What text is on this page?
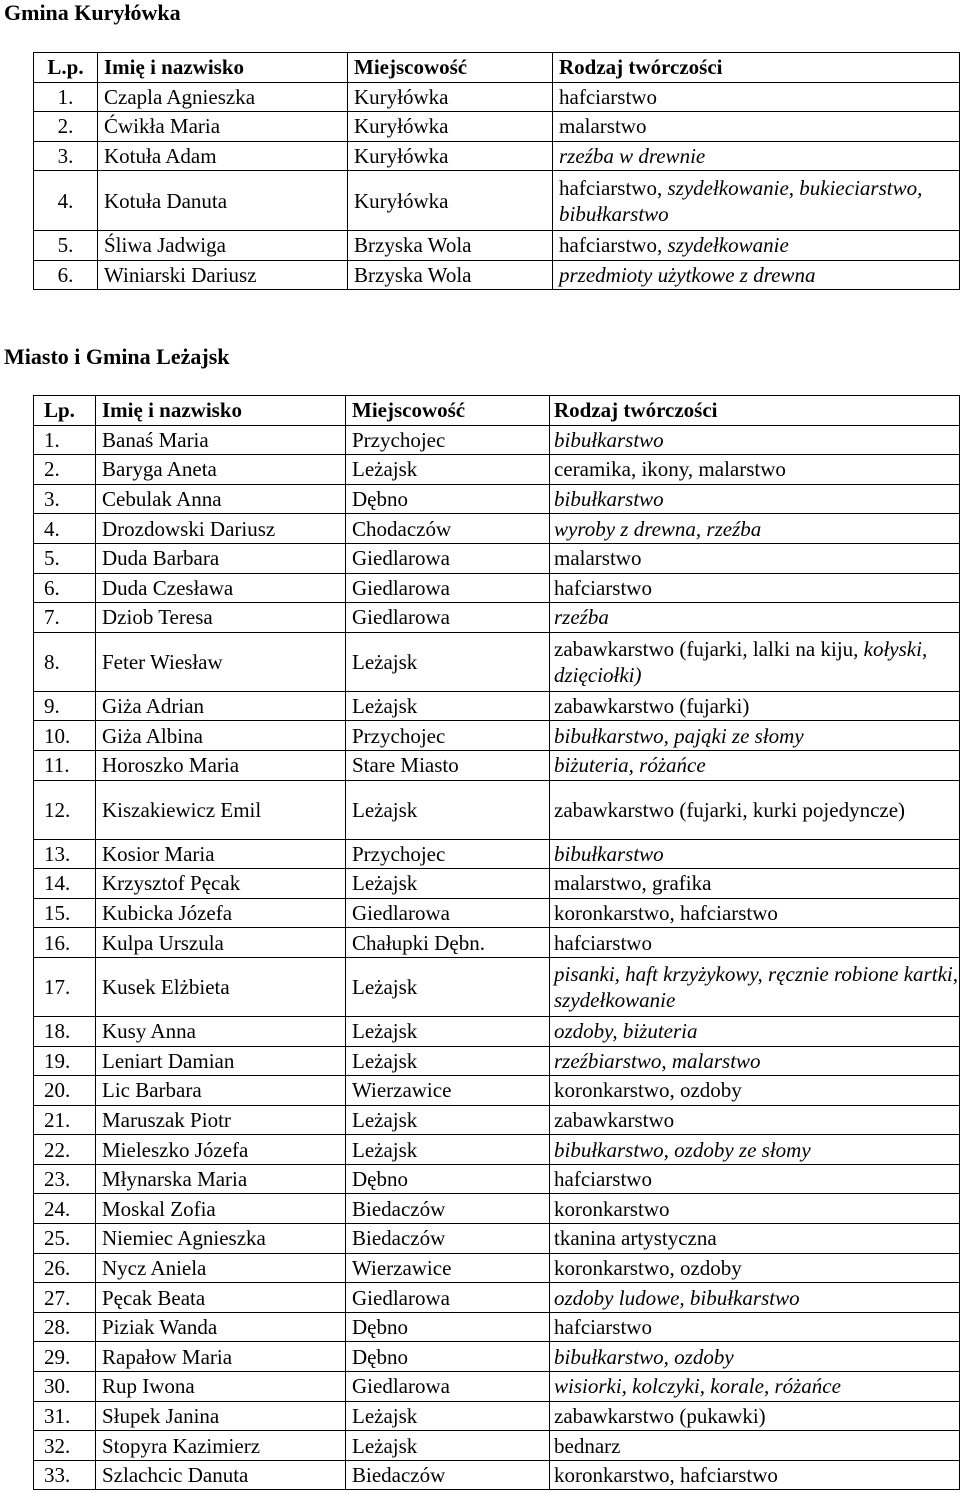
Gmina Kuryłówka
L.p.	Imię i nazwisko	Miejscowość	Rodzaj twórczości
1.	Czapla Agnieszka	Kuryłówka	hafciarstwo
2.	Ćwikła Maria	Kuryłówka	malarstwo
3.	Kotuła Adam	Kuryłówka	rzeźba w drewnie
4.	Kotuła Danuta	Kuryłówka	hafciarstwo, szydełkowanie, bukieciarstwo, bibułkarstwo
5.	Śliwa Jadwiga	Brzyska Wola	hafciarstwo, szydełkowanie
6.	Winiarski Dariusz	Brzyska Wola	przedmioty użytkowe z drewna
Miasto i Gmina Leżajsk
Lp.	Imię i nazwisko	Miejscowość	Rodzaj twórczości
1.	Banaś Maria	Przychojec	bibułkarstwo
2.	Baryga Aneta	Leżajsk	ceramika, ikony, malarstwo
3.	Cebulak Anna	Dębno	bibułkarstwo
4.	Drozdowski Dariusz	Chodaczów	wyroby z drewna, rzeźba
5.	Duda Barbara	Giedlarowa	malarstwo
6.	Duda Czesława	Giedlarowa	hafciarstwo
7.	Dziob Teresa	Giedlarowa	rzeźba
8.	Feter Wiesław	Leżajsk	zabawkarstwo (fujarki, lalki na kiju, kołyski, dzięciołki)
9.	Giża Adrian	Leżajsk	zabawkarstwo (fujarki)
10.	Giża Albina	Przychojec	bibułkarstwo, pająki ze słomy
11.	Horoszko Maria	Stare Miasto	biżuteria, różańce
12.	Kiszakiewicz Emil	Leżajsk	zabawkarstwo (fujarki, kurki pojedyncze)
13.	Kosior Maria	Przychojec	bibułkarstwo
14.	Krzysztof Pęcak	Leżajsk	malarstwo, grafika
15.	Kubicka Józefa	Giedlarowa	koronkarstwo, hafciarstwo
16.	Kulpa Urszula	Chałupki Dębn.	hafciarstwo
17.	Kusek Elżbieta	Leżajsk	pisanki, haft krzyżykowy, ręcznie robione kartki, szydełkowanie
18.	Kusy Anna	Leżajsk	ozdoby, biżuteria
19.	Leniart Damian	Leżajsk	rzeźbiarstwo, malarstwo
20.	Lic Barbara	Wierzawice	koronkarstwo, ozdoby
21.	Maruszak Piotr	Leżajsk	zabawkarstwo
22.	Mieleszko Józefa	Leżajsk	bibułkarstwo, ozdoby ze słomy
23.	Młynarska Maria	Dębno	hafciarstwo
24.	Moskal Zofia	Biedaczów	koronkarstwo
25.	Niemiec Agnieszka	Biedaczów	tkanina artystyczna
26.	Nycz Aniela	Wierzawice	koronkarstwo, ozdoby
27.	Pęcak Beata	Giedlarowa	ozdoby ludowe, bibułkarstwo
28.	Piziak Wanda	Dębno	hafciarstwo
29.	Rapałow Maria	Dębno	bibułkarstwo, ozdoby
30.	Rup Iwona	Giedlarowa	wisiorki, kolczyki, korale, różańce
31.	Słupek Janina	Leżajsk	zabawkarstwo (pukawki)
32.	Stopyra Kazimierz	Leżajsk	bednarz
33.	Szlachcic Danuta	Biedaczów	koronkarstwo, hafciarstwo
